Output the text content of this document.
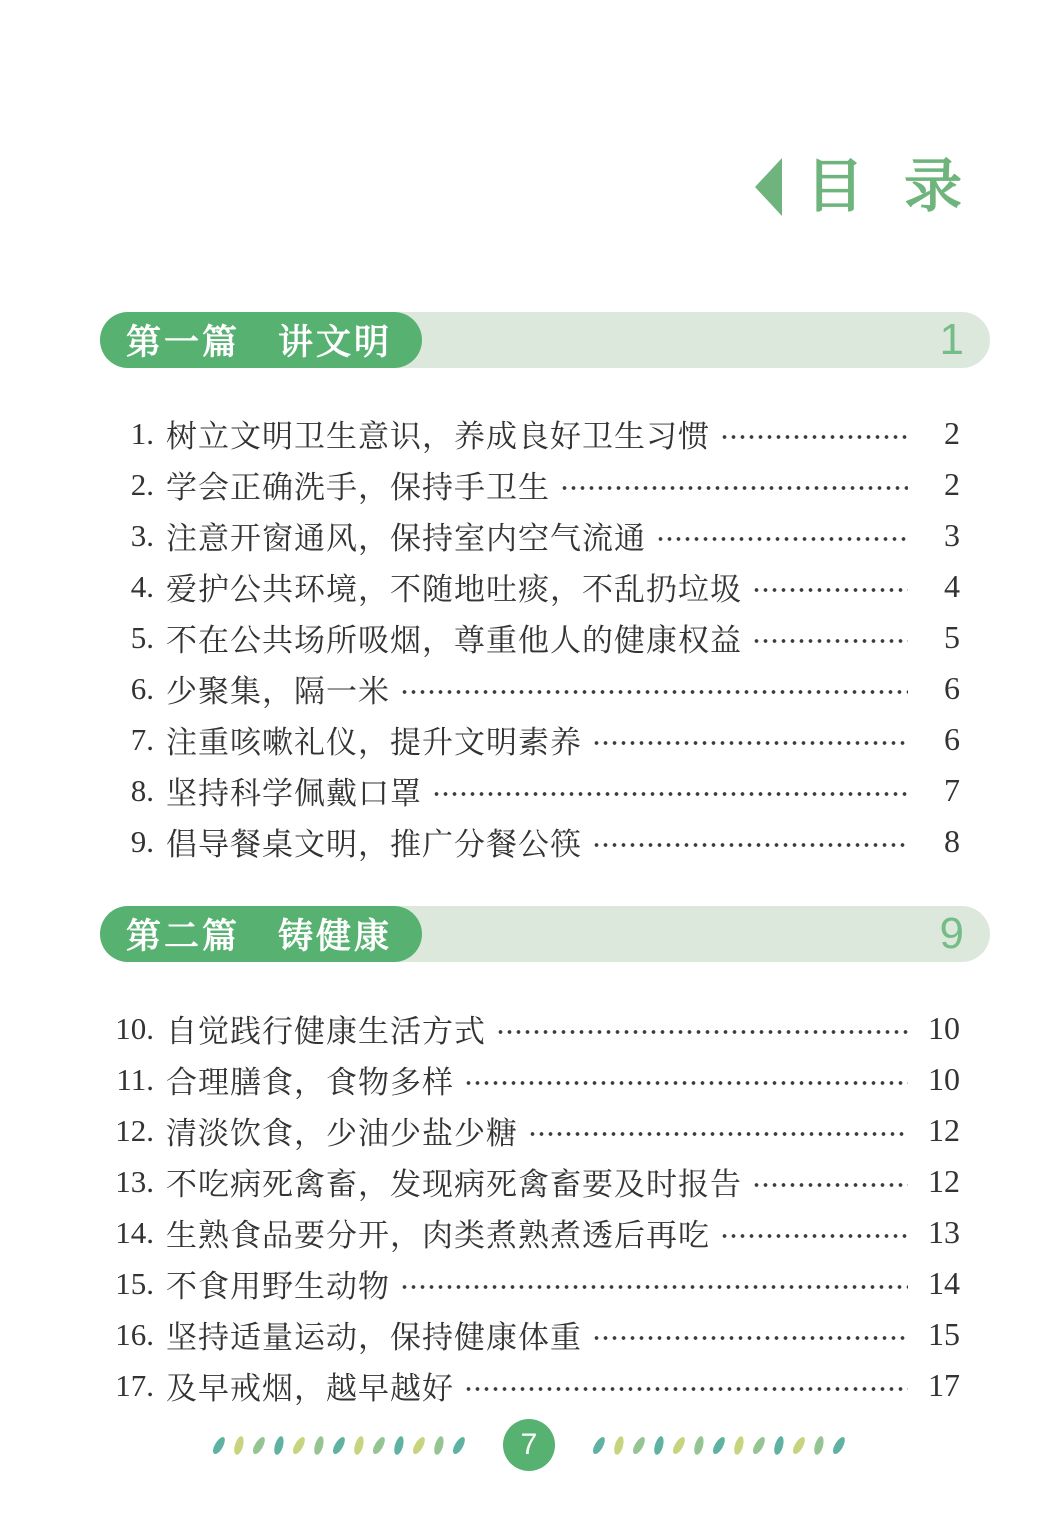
目 录
第一篇　讲文明	1
1. 树立文明卫生意识，养成良好卫生习惯	2
2. 学会正确洗手，保持手卫生	2
3. 注意开窗通风，保持室内空气流通	3
4. 爱护公共环境，不随地吐痰，不乱扔垃圾	4
5. 不在公共场所吸烟，尊重他人的健康权益	5
6. 少聚集，隔一米	6
7. 注重咳嗽礼仪，提升文明素养	6
8. 坚持科学佩戴口罩	7
9. 倡导餐桌文明，推广分餐公筷	8
第二篇　铸健康	9
10. 自觉践行健康生活方式	10
11. 合理膳食，食物多样	10
12. 清淡饮食，少油少盐少糖	12
13. 不吃病死禽畜，发现病死禽畜要及时报告	12
14. 生熟食品要分开，肉类煮熟煮透后再吃	13
15. 不食用野生动物	14
16. 坚持适量运动，保持健康体重	15
17. 及早戒烟，越早越好	17
7
